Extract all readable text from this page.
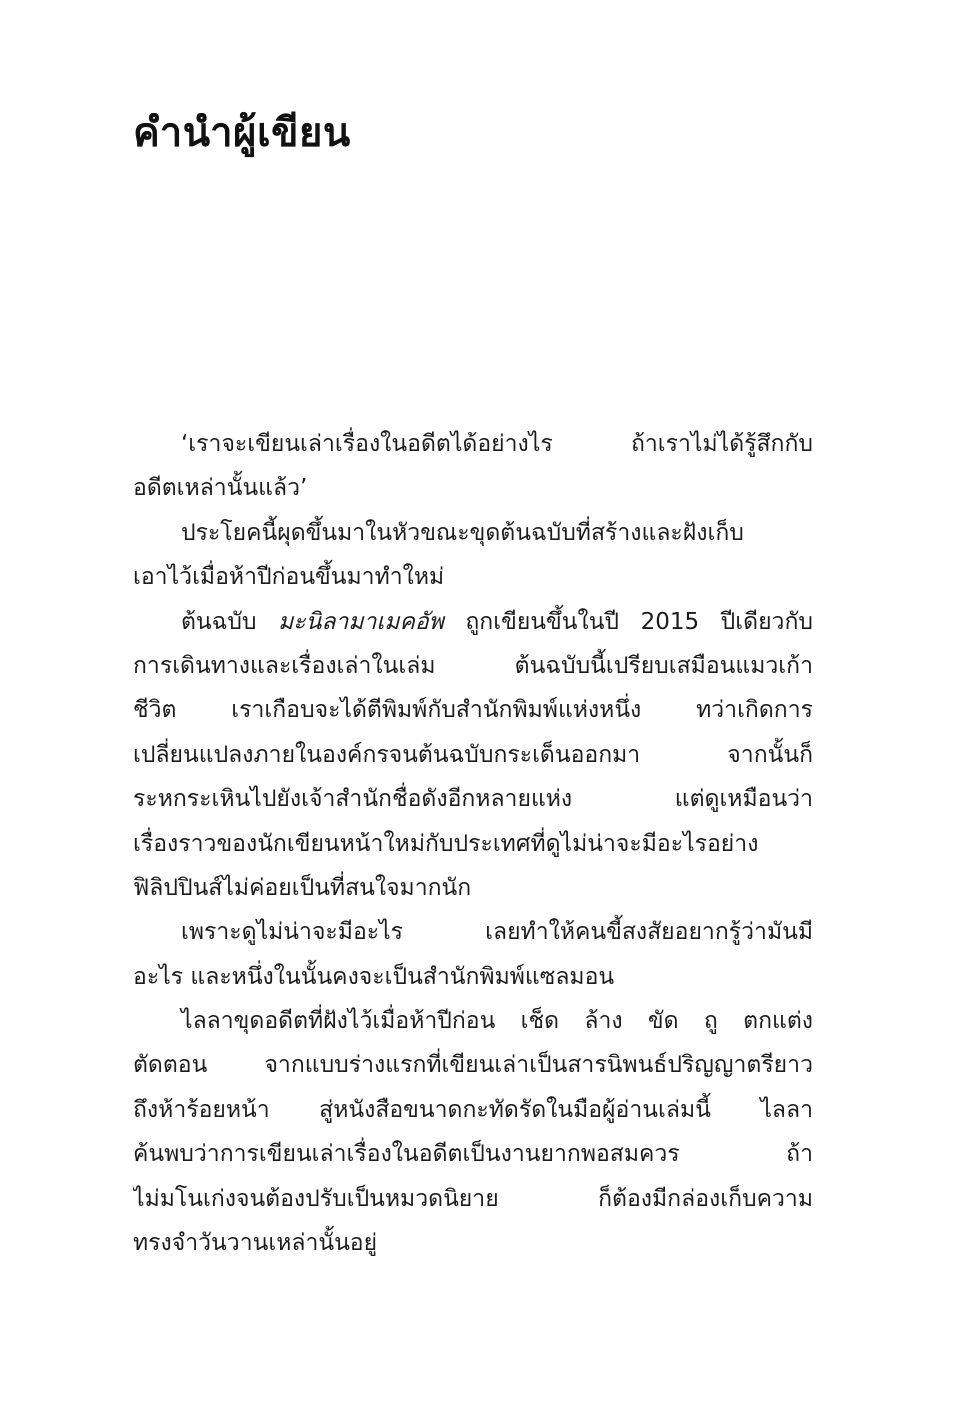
คำนำผู้เขียน
‘เราจะเขียนเล่าเรื่องในอดีตได้อย่างไร ถ้าเราไม่ได้รู้สึกกับ
อดีตเหล่านั้นแล้ว’
ประโยคนี้ผุดขึ้นมาในหัวขณะขุดต้นฉบับที่สร้างและฝังเก็บ
เอาไว้เมื่อห้าปีก่อนขึ้นมาทำใหม่
ต้นฉบับ มะนิลามาเมคอัพ ถูกเขียนขึ้นในปี 2015 ปีเดียวกับ
การเดินทางและเรื่องเล่าในเล่ม ต้นฉบับนี้เปรียบเสมือนแมวเก้า
ชีวิต เราเกือบจะได้ตีพิมพ์กับสำนักพิมพ์แห่งหนึ่ง ทว่าเกิดการ
เปลี่ยนแปลงภายในองค์กรจนต้นฉบับกระเด็นออกมา จากนั้นก็
ระหกระเหินไปยังเจ้าสำนักชื่อดังอีกหลายแห่ง แต่ดูเหมือนว่า
เรื่องราวของนักเขียนหน้าใหม่กับประเทศที่ดูไม่น่าจะมีอะไรอย่าง
ฟิลิปปินส์ไม่ค่อยเป็นที่สนใจมากนัก
เพราะดูไม่น่าจะมีอะไร เลยทำให้คนขี้สงสัยอยากรู้ว่ามันมี
อะไร และหนึ่งในนั้นคงจะเป็นสำนักพิมพ์แซลมอน
ไลลาขุดอดีตที่ฝังไว้เมื่อห้าปีก่อน เช็ด ล้าง ขัด ถู ตกแต่ง
ตัดตอน จากแบบร่างแรกที่เขียนเล่าเป็นสารนิพนธ์ปริญญาตรียาว
ถึงห้าร้อยหน้า สู่หนังสือขนาดกะทัดรัดในมือผู้อ่านเล่มนี้ ไลลา
ค้นพบว่าการเขียนเล่าเรื่องในอดีตเป็นงานยากพอสมควร ถ้า
ไม่มโนเก่งจนต้องปรับเป็นหมวดนิยาย ก็ต้องมีกล่องเก็บความ
ทรงจำวันวานเหล่านั้นอยู่
